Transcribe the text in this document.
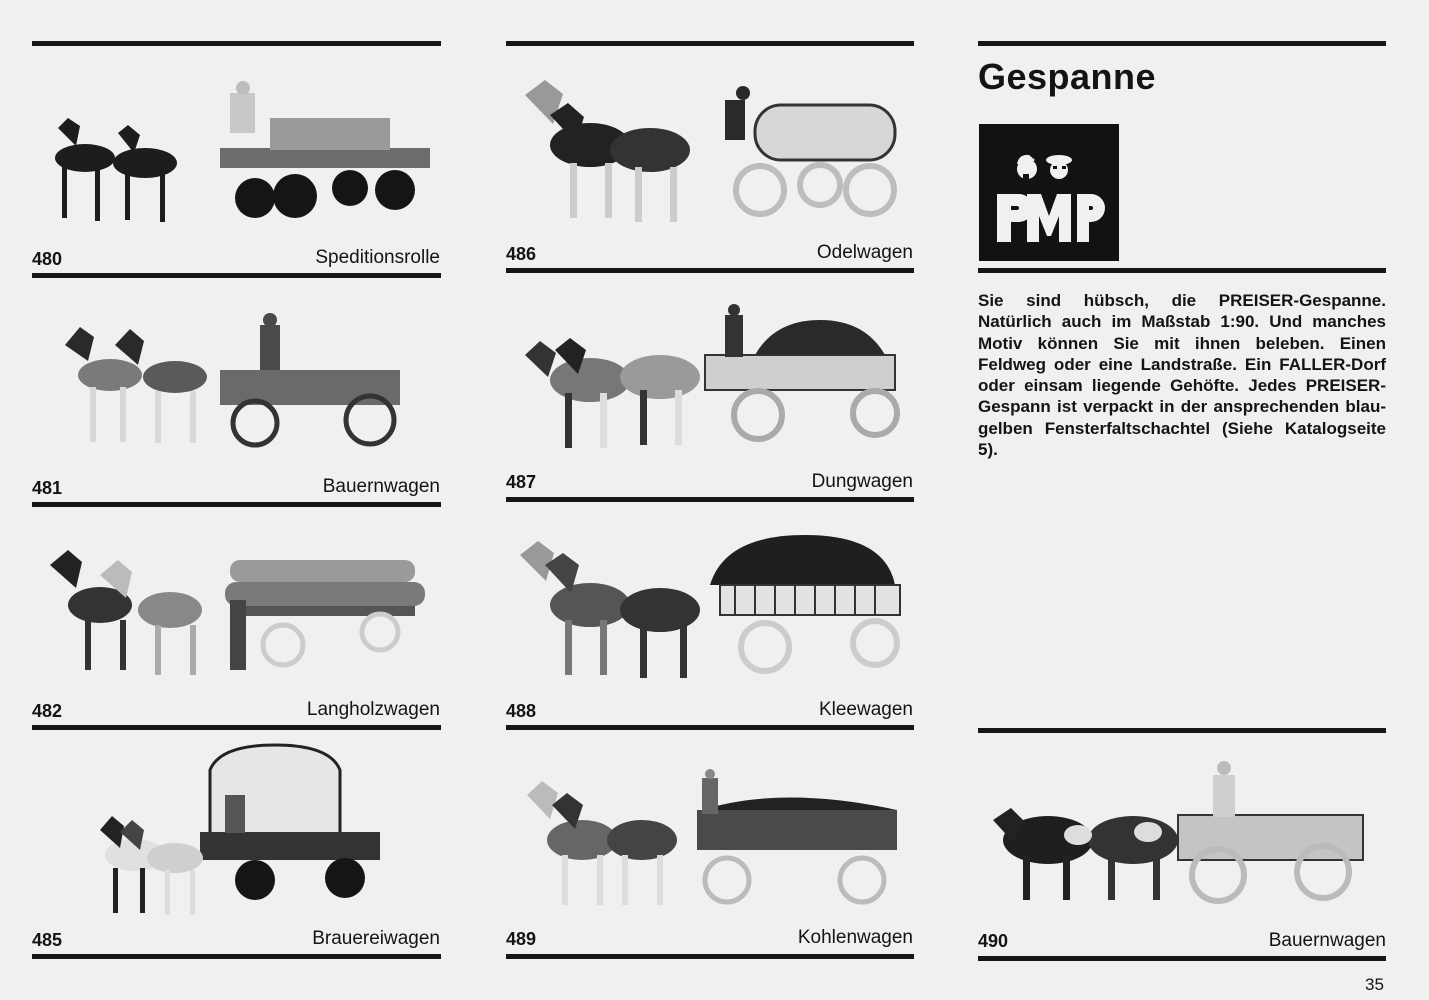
Gespanne
Sie sind hübsch, die PREISER-Gespanne. Natürlich auch im Maßstab 1:90. Und manches Motiv können Sie mit ihnen beleben. Einen Feldweg oder eine Landstraße. Ein FALLER-Dorf oder einsam liegende Gehöfte. Jedes PREISER-Gespann ist verpackt in der ansprechenden blau-gelben Fensterfaltschachtel (Siehe Katalogseite 5).
480	Speditionsrolle
481	Bauernwagen
482	Langholzwagen
485	Brauereiwagen
486	Odelwagen
487	Dungwagen
488	Kleewagen
489	Kohlenwagen	490	Bauernwagen
35
